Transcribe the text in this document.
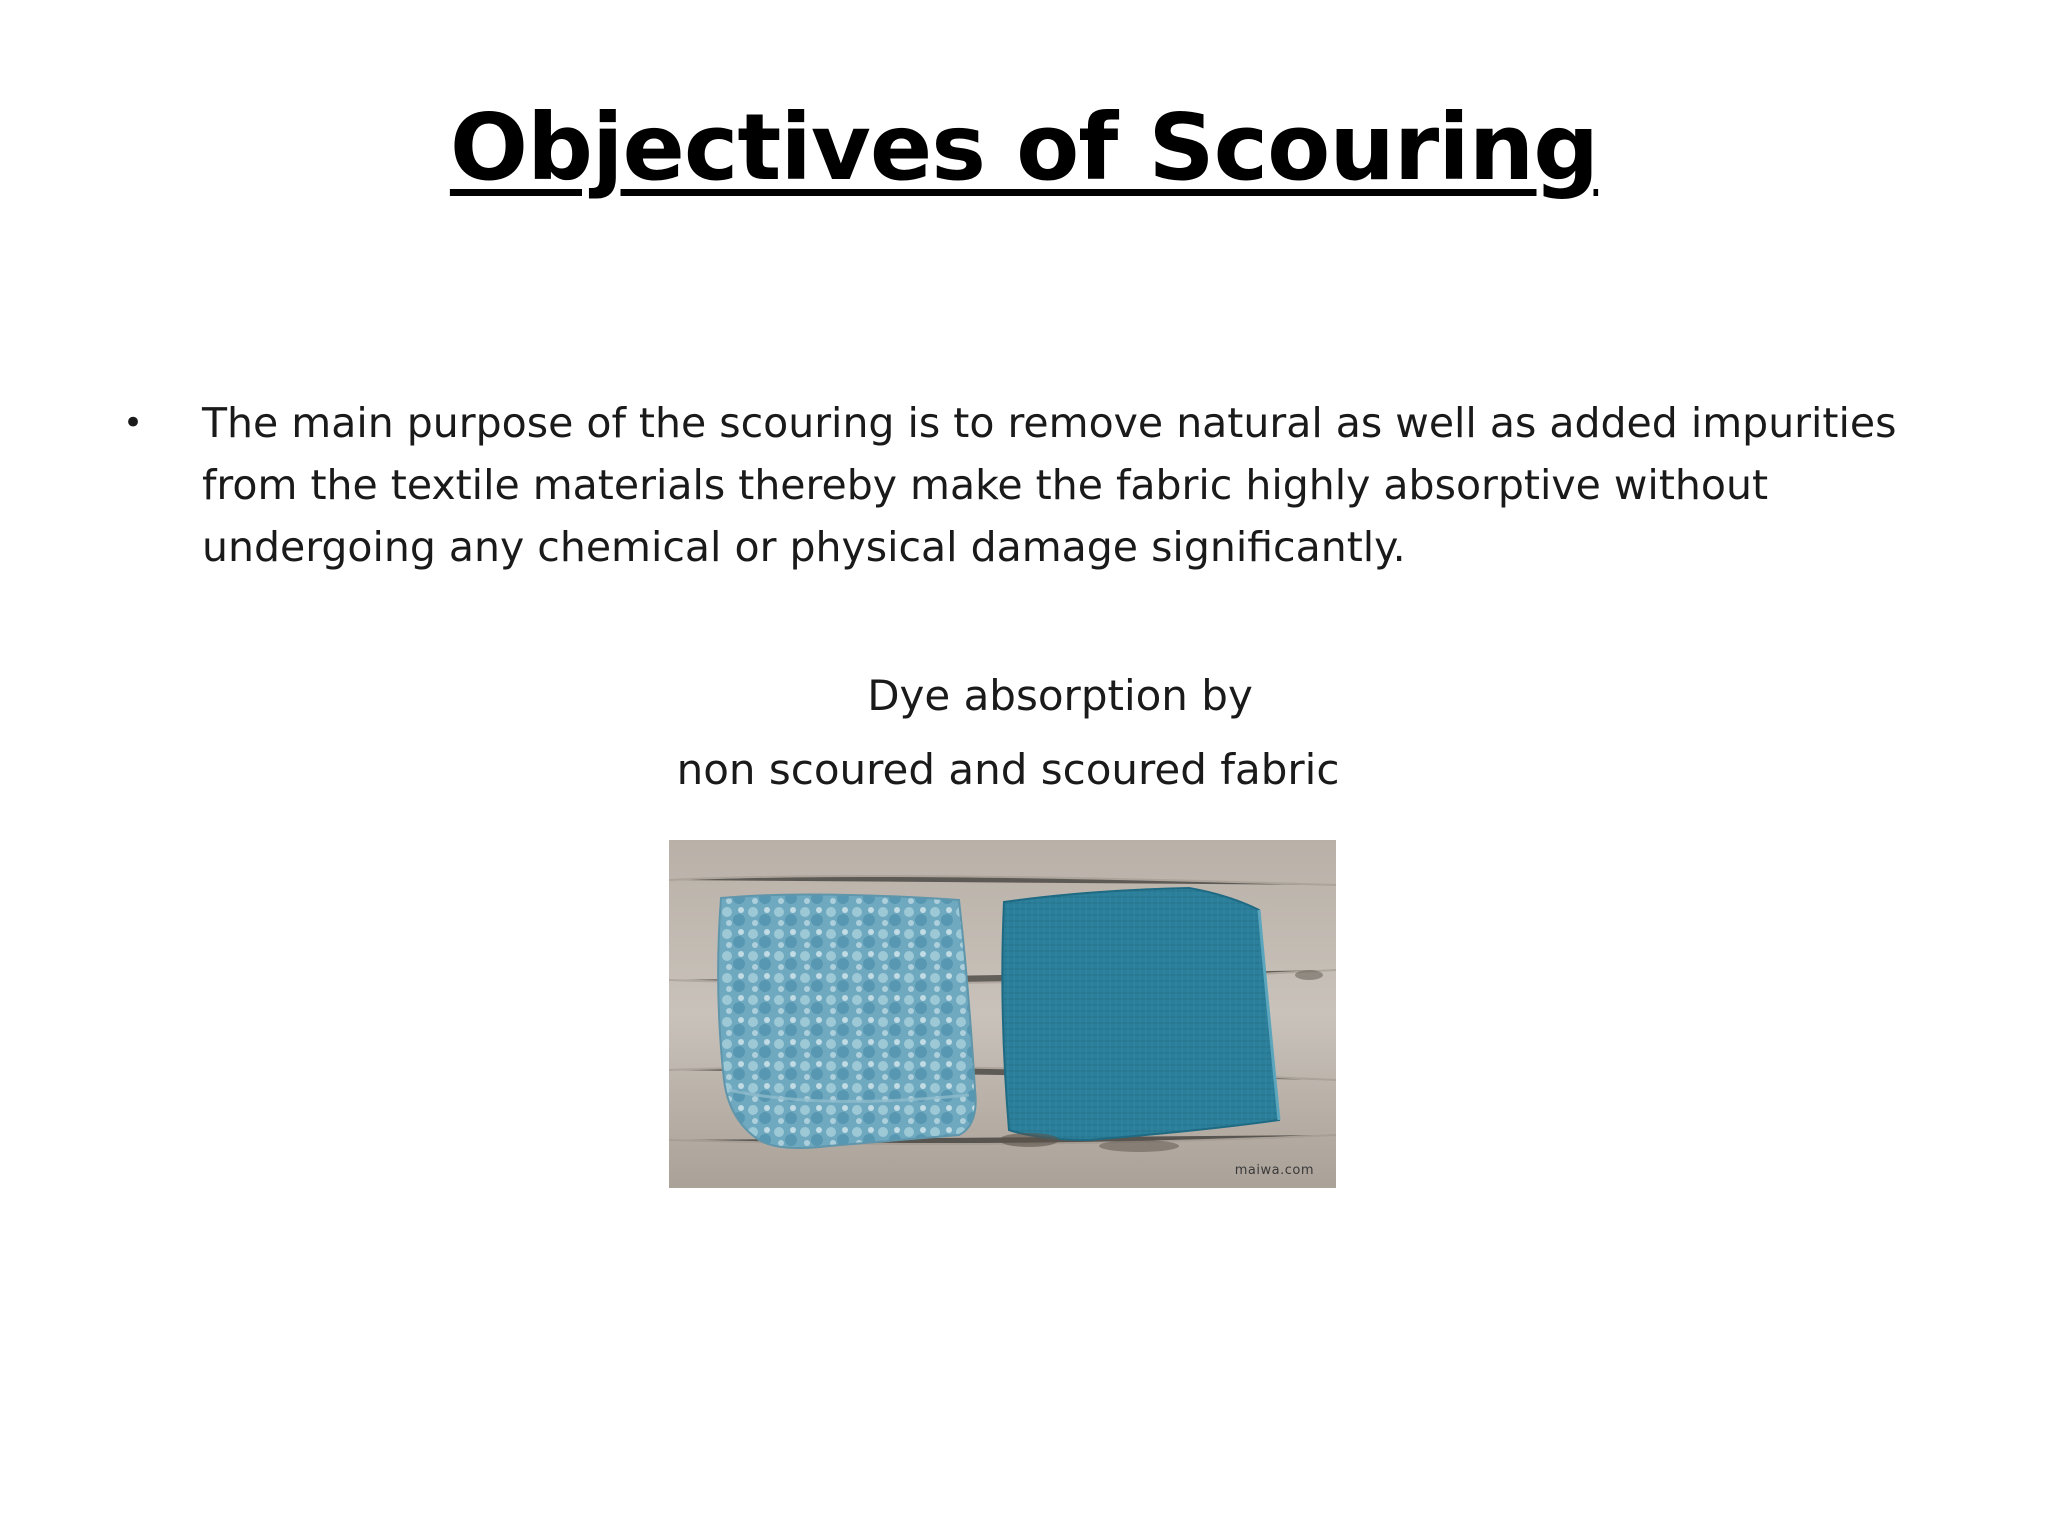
Objectives of Scouring
• The main purpose of the scouring is to remove natural as well as added impurities from the textile materials thereby make the fabric highly absorptive without undergoing any chemical or physical damage significantly.
Dye absorption by
non scoured and scoured fabric
maiwa.com
